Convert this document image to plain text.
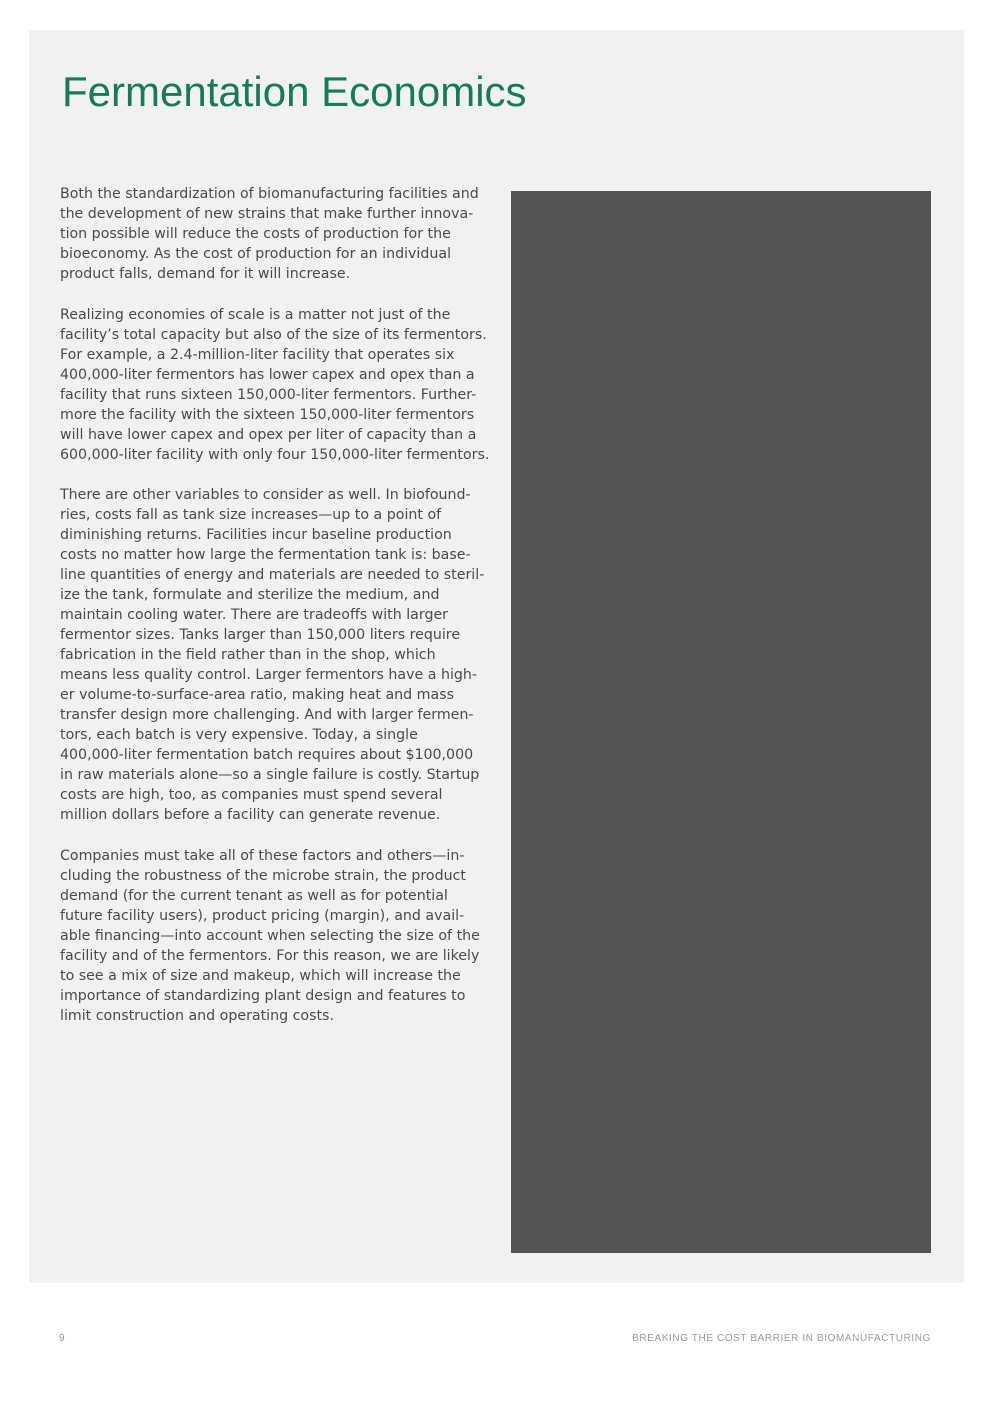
Fermentation Economics
Both the standardization of biomanufacturing facilities and
the development of new strains that make further innova-
tion possible will reduce the costs of production for the
bioeconomy. As the cost of production for an individual
product falls, demand for it will increase.
Realizing economies of scale is a matter not just of the
facility’s total capacity but also of the size of its fermentors.
For example, a 2.4-million-liter facility that operates six
400,000-liter fermentors has lower capex and opex than a
facility that runs sixteen 150,000-liter fermentors. Further-
more the facility with the sixteen 150,000-liter fermentors
will have lower capex and opex per liter of capacity than a
600,000-liter facility with only four 150,000-liter fermentors.
There are other variables to consider as well. In biofound-
ries, costs fall as tank size increases—up to a point of
diminishing returns. Facilities incur baseline production
costs no matter how large the fermentation tank is: base-
line quantities of energy and materials are needed to steril-
ize the tank, formulate and sterilize the medium, and
maintain cooling water. There are tradeoffs with larger
fermentor sizes. Tanks larger than 150,000 liters require
fabrication in the field rather than in the shop, which
means less quality control. Larger fermentors have a high-
er volume-to-surface-area ratio, making heat and mass
transfer design more challenging. And with larger fermen-
tors, each batch is very expensive. Today, a single
400,000-liter fermentation batch requires about $100,000
in raw materials alone—so a single failure is costly. Startup
costs are high, too, as companies must spend several
million dollars before a facility can generate revenue.
Companies must take all of these factors and others—in-
cluding the robustness of the microbe strain, the product
demand (for the current tenant as well as for potential
future facility users), product pricing (margin), and avail-
able financing—into account when selecting the size of the
facility and of the fermentors. For this reason, we are likely
to see a mix of size and makeup, which will increase the
importance of standardizing plant design and features to
limit construction and operating costs.
9	BREAKING THE COST BARRIER IN BIOMANUFACTURING
